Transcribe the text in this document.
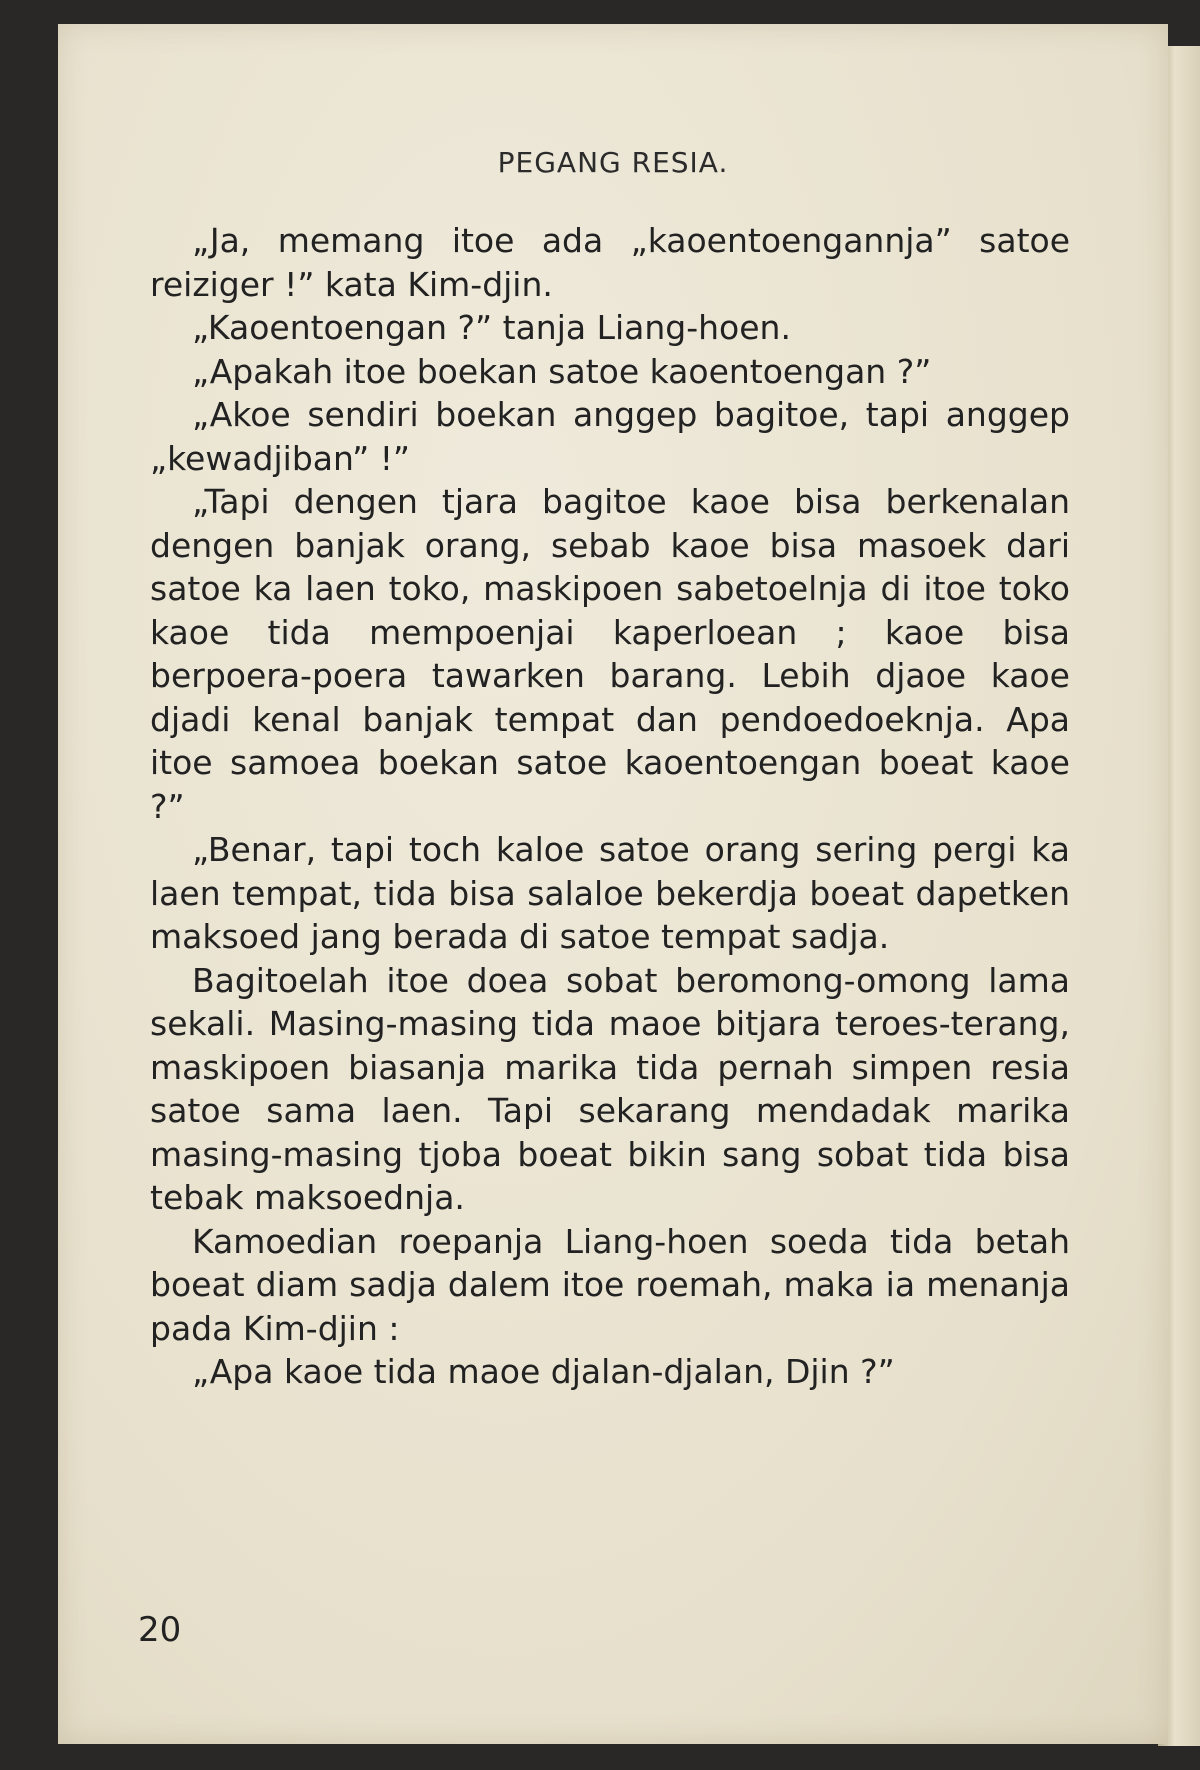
PEGANG RESIA.

„Ja, memang itoe ada „kaoentoengannja” satoe reiziger !” kata Kim-djin.

„Kaoentoengan ?” tanja Liang-hoen.

„Apakah itoe boekan satoe kaoentoengan ?”

„Akoe sendiri boekan anggep bagitoe, tapi anggep „kewadjiban” !”

„Tapi dengen tjara bagitoe kaoe bisa berkenalan dengen banjak orang, sebab kaoe bisa masoek dari satoe ka laen toko, maskipoen sabetoelnja di itoe toko kaoe tida mempoenjai kaperloean ; kaoe bisa berpoera-poera tawarken barang. Lebih djaoe kaoe djadi kenal banjak tempat dan pendoedoeknja. Apa itoe samoea boekan satoe kaoentoengan boeat kaoe ?”

„Benar, tapi toch kaloe satoe orang sering pergi ka laen tempat, tida bisa salaloe bekerdja boeat dapetken maksoed jang berada di satoe tempat sadja.

Bagitoelah itoe doea sobat beromong-omong lama sekali. Masing-masing tida maoe bitjara teroes-terang, maskipoen biasanja marika tida pernah simpen resia satoe sama laen. Tapi sekarang mendadak marika masing-masing tjoba boeat bikin sang sobat tida bisa tebak maksoednja.

Kamoedian roepanja Liang-hoen soeda tida betah boeat diam sadja dalem itoe roemah, maka ia menanja pada Kim-djin :

„Apa kaoe tida maoe djalan-djalan, Djin ?”

20
